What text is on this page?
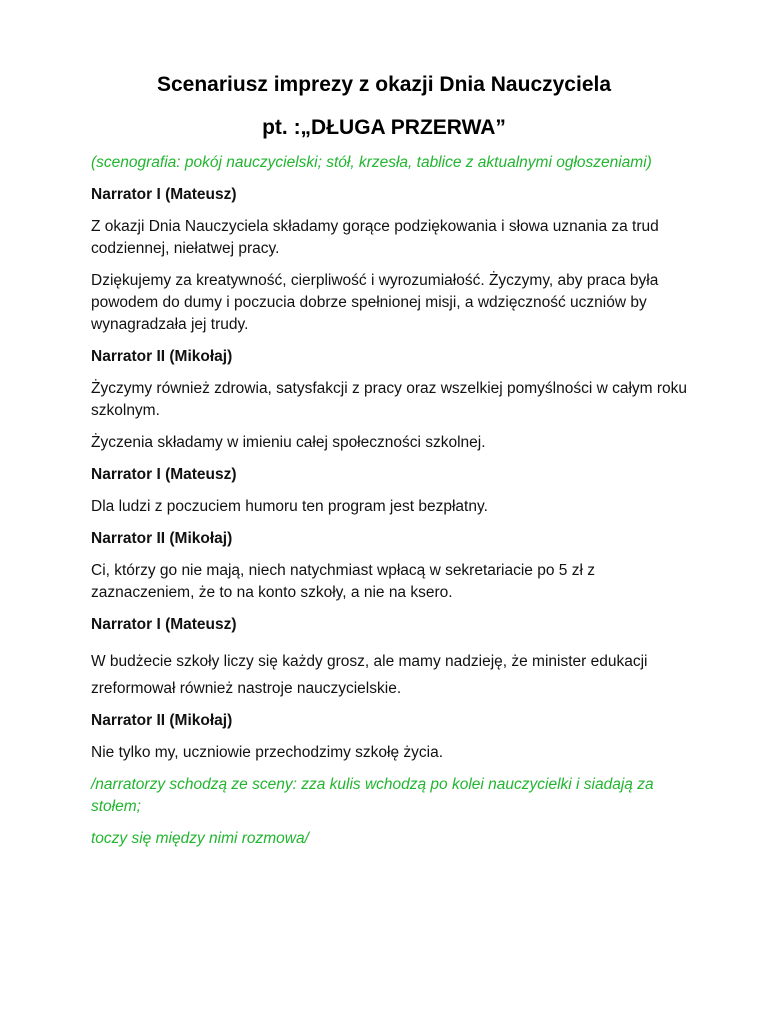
Scenariusz imprezy z okazji Dnia Nauczyciela
pt. :„DŁUGA PRZERWA”

(scenografia: pokój nauczycielski; stół, krzesła, tablice z aktualnymi ogłoszeniami)

Narrator I (Mateusz)

Z okazji Dnia Nauczyciela składamy gorące podziękowania i słowa uznania za trud codziennej, niełatwej pracy.

Dziękujemy za kreatywność, cierpliwość i wyrozumiałość. Życzymy, aby praca była powodem do dumy i poczucia dobrze spełnionej misji, a wdzięczność uczniów by wynagradzała jej trudy.

Narrator II (Mikołaj)

Życzymy również zdrowia, satysfakcji z pracy oraz wszelkiej pomyślności w całym roku szkolnym.

Życzenia składamy w imieniu całej społeczności szkolnej.

Narrator I (Mateusz)

Dla ludzi z poczuciem humoru ten program jest bezpłatny.

Narrator II (Mikołaj)

Ci, którzy go nie mają, niech natychmiast wpłacą w sekretariacie po 5 zł z zaznaczeniem, że to na konto szkoły, a nie na ksero.

Narrator I (Mateusz)

W budżecie szkoły liczy się każdy grosz, ale mamy nadzieję, że minister edukacji

zreformował również nastroje nauczycielskie.

Narrator II (Mikołaj)

Nie tylko my, uczniowie przechodzimy szkołę życia.

/narratorzy schodzą ze sceny: zza kulis wchodzą po kolei nauczycielki i siadają za stołem;

toczy się między nimi rozmowa/
